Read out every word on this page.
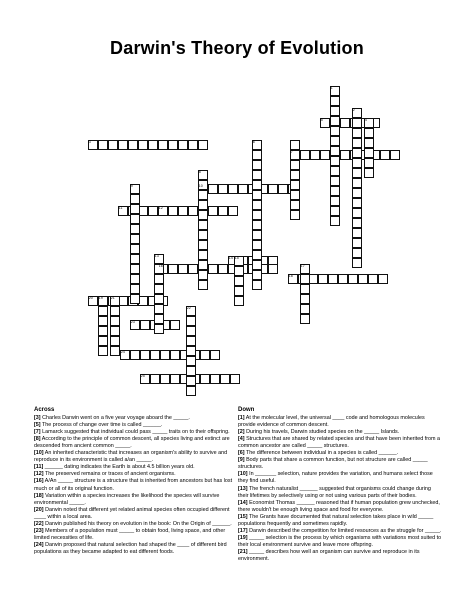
Darwin's Theory of Evolution
1
2
3
4
5
6
7
8
9	10
11	12
13	14 15
16	17
18
19
20	21
22
23
24
25
Across
[3] Charles Darwin went on a five year voyage aboard the _____.
[5] The process of change over time is called ______.
[7] Lamarck suggested that individual could pass _____ traits on to their offspring.
[8] According to the principle of common descent, all species living and extinct are descended from ancient common _____.
[10] An inherited characteristic that increases an organism's ability to survive and reproduce in its environment is called a/an _____.
[11] ______ dating indicates the Earth is about 4.5 billion years old.
[12] The preserved remains or traces of ancient organisms.
[16] A/An _____ structure is a structure that is inherited from ancestors but has lost much or all of its original function.
[18] Variation within a species increases the likelihood the species will survive environmental _____.
[20] Darwin noted that different yet related animal species often occupied different ____ within a local area.
[22] Darwin published his theory on evolution in the book: On the Origin of ______.
[23] Members of a population must _____ to obtain food, living space, and other limited necessities of life.
[24] Darwin proposed that natural selection had shaped the ____ of different bird populations as they became adapted to eat different foods.
Down
[1] At the molecular level, the universal ____ code and homologous molecules provide evidence of common descent.
[2] During his travels, Darwin studied species on the _____ Islands.
[4] Structures that are shared by related species and that have been inherited from a common ancestor are called _____ structures.
[6] The difference between individual in a species is called ______.
[9] Body parts that share a common function, but not structure are called _____ structures.
[10] In _______ selection, nature provides the variation, and humans select those they find useful.
[13] The french naturalist ______ suggested that organisms could change during their lifetimes by selectively using or not using various parts of their bodies.
[14] Economist Thomas ______ reasoned that if human population grew unchecked, there wouldn't be enough living space and food for everyone.
[15] The Grants have documented that natural selection takes place in wild _____ populations frequently and sometimes rapidly.
[17] Darwin described the competition for limited resources as the struggle for _____.
[19] _____ selection is the process by which organisms with variations most suited to their local environment survive and leave more offspring.
[21] _____ describes how well an organism can survive and reproduce in its environment.
